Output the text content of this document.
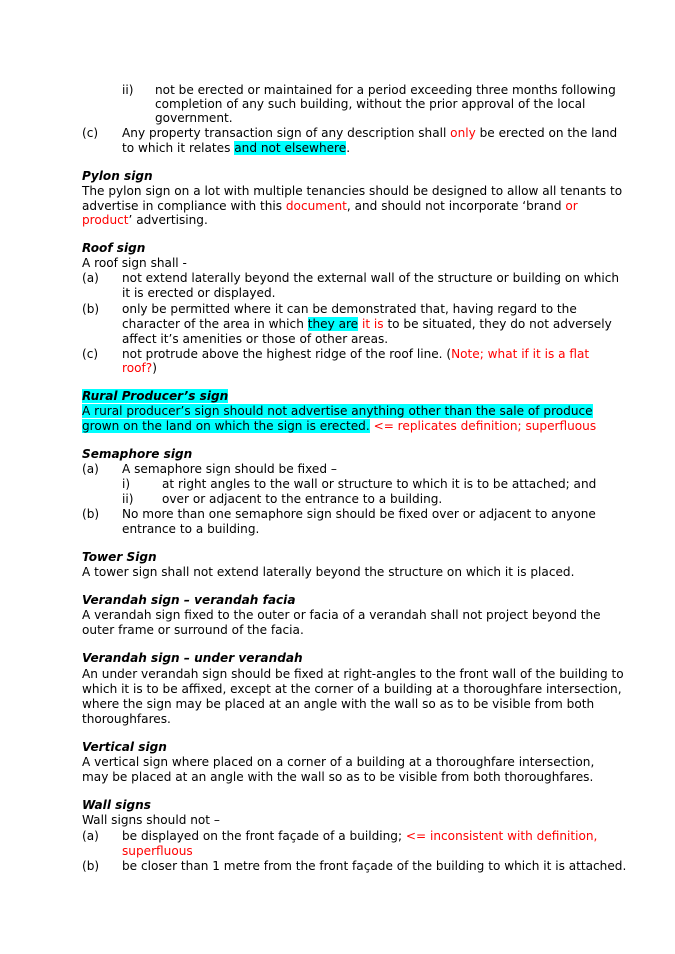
ii) not be erected or maintained for a period exceeding three months following
completion of any such building, without the prior approval of the local
government.
(c) Any property transaction sign of any description shall only be erected on the land
to which it relates and not elsewhere.
Pylon sign
The pylon sign on a lot with multiple tenancies should be designed to allow all tenants to
advertise in compliance with this document, and should not incorporate ‘brand or
product’ advertising.
Roof sign
A roof sign shall -
(a) not extend laterally beyond the external wall of the structure or building on which
it is erected or displayed.
(b) only be permitted where it can be demonstrated that, having regard to the
character of the area in which they are it is to be situated, they do not adversely
affect it’s amenities or those of other areas.
(c) not protrude above the highest ridge of the roof line. (Note; what if it is a flat
roof?)
Rural Producer’s sign
A rural producer’s sign should not advertise anything other than the sale of produce
grown on the land on which the sign is erected. <= replicates definition; superfluous
Semaphore sign
(a) A semaphore sign should be fixed –
i)	at right angles to the wall or structure to which it is to be attached; and
ii) over or adjacent to the entrance to a building.
(b) No more than one semaphore sign should be fixed over or adjacent to anyone
entrance to a building.
Tower Sign
A tower sign shall not extend laterally beyond the structure on which it is placed.
Verandah sign – verandah facia
A verandah sign fixed to the outer or facia of a verandah shall not project beyond the
outer frame or surround of the facia.
Verandah sign – under verandah
An under verandah sign should be fixed at right-angles to the front wall of the building to
which it is to be affixed, except at the corner of a building at a thoroughfare intersection,
where the sign may be placed at an angle with the wall so as to be visible from both
thoroughfares.
Vertical sign
A vertical sign where placed on a corner of a building at a thoroughfare intersection,
may be placed at an angle with the wall so as to be visible from both thoroughfares.
Wall signs
Wall signs should not –
(a) be displayed on the front façade of a building; <= inconsistent with definition,
superfluous
(b) be closer than 1 metre from the front façade of the building to which it is attached.
